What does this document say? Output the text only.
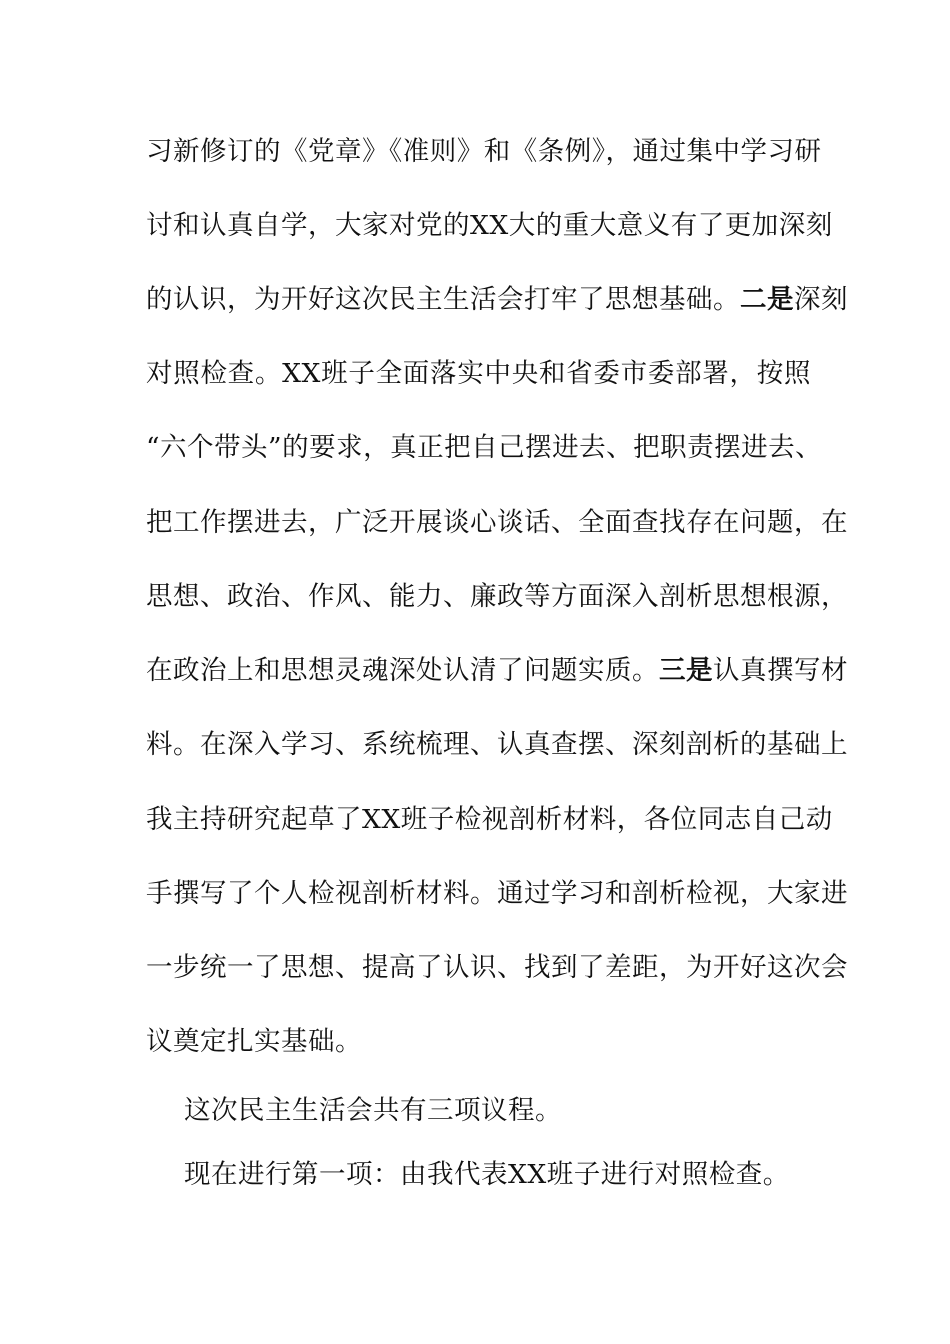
习新修订的《党章》《准则》和《条例》，通过集中学习研
讨和认真自学，大家对党的XX大的重大意义有了更加深刻
的认识，为开好这次民主生活会打牢了思想基础。二是深刻
对照检查。XX班子全面落实中央和省委市委部署，按照
“六个带头”的要求，真正把自己摆进去、把职责摆进去、
把工作摆进去，广泛开展谈心谈话、全面查找存在问题，在
思想、政治、作风、能力、廉政等方面深入剖析思想根源，
在政治上和思想灵魂深处认清了问题实质。三是认真撰写材
料。在深入学习、系统梳理、认真查摆、深刻剖析的基础上
我主持研究起草了XX班子检视剖析材料，各位同志自己动
手撰写了个人检视剖析材料。通过学习和剖析检视，大家进
一步统一了思想、提高了认识、找到了差距，为开好这次会
议奠定扎实基础。
这次民主生活会共有三项议程。
现在进行第一项：由我代表XX班子进行对照检查。
